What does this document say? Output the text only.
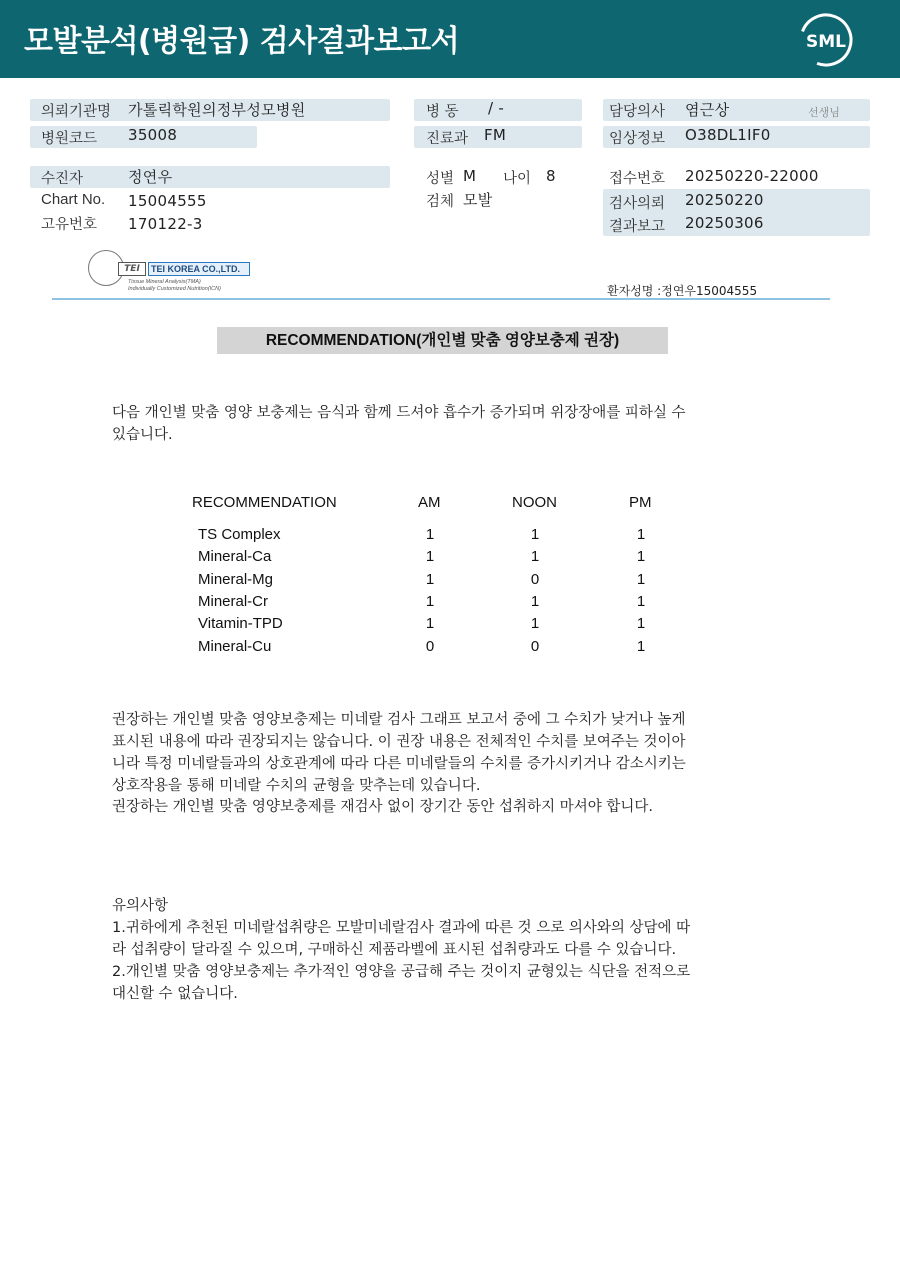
모발분석(병원급) 검사결과보고서	SML
의뢰기관명 가톨릭학원의정부성모병원
병원코드 35008
병 동 / -
진료과 FM
담당의사 염근상	선생님
임상정보 O38DL1IF0
수진자	정연우
Chart No. 15004555
고유번호 170122-3
성별 M 나이 8
검체 모발
접수번호 20250220-22000
검사의뢰 20250220
결과보고 20250306
TEI	TEI KOREA CO.,LTD.
Tissue Mineral Analysis(TMA)
Individually Customized Nutrition(ICN)	환자성명 :정연우15004555
RECOMMENDATION(개인별 맞춤 영양보충제 권장)
다음 개인별 맞춤 영양 보충제는 음식과 함께 드셔야 흡수가 증가되며 위장장애를 피하실 수
있습니다.
RECOMMENDATION	AM	NOON	PM
TS Complex	1	1	1
Mineral-Ca	1	1	1
Mineral-Mg	1	0	1
Mineral-Cr	1	1	1
Vitamin-TPD	1	1	1
Mineral-Cu	0	0	1
권장하는 개인별 맞춤 영양보충제는 미네랄 검사 그래프 보고서 중에 그 수치가 낮거나 높게
표시된 내용에 따라 권장되지는 않습니다. 이 권장 내용은 전체적인 수치를 보여주는 것이아
니라 특정 미네랄들과의 상호관계에 따라 다른 미네랄들의 수치를 증가시키거나 감소시키는
상호작용을 통해 미네랄 수치의 균형을 맞추는데 있습니다.
권장하는 개인별 맞춤 영양보충제를 재검사 없이 장기간 동안 섭취하지 마셔야 합니다.
유의사항
1.귀하에게 추천된 미네랄섭취량은 모발미네랄검사 결과에 따른 것 으로 의사와의 상담에 따
라 섭취량이 달라질 수 있으며, 구매하신 제품라벨에 표시된 섭취량과도 다를 수 있습니다.
2.개인별 맞춤 영양보충제는 추가적인 영양을 공급해 주는 것이지 균형있는 식단을 전적으로
대신할 수 없습니다.
